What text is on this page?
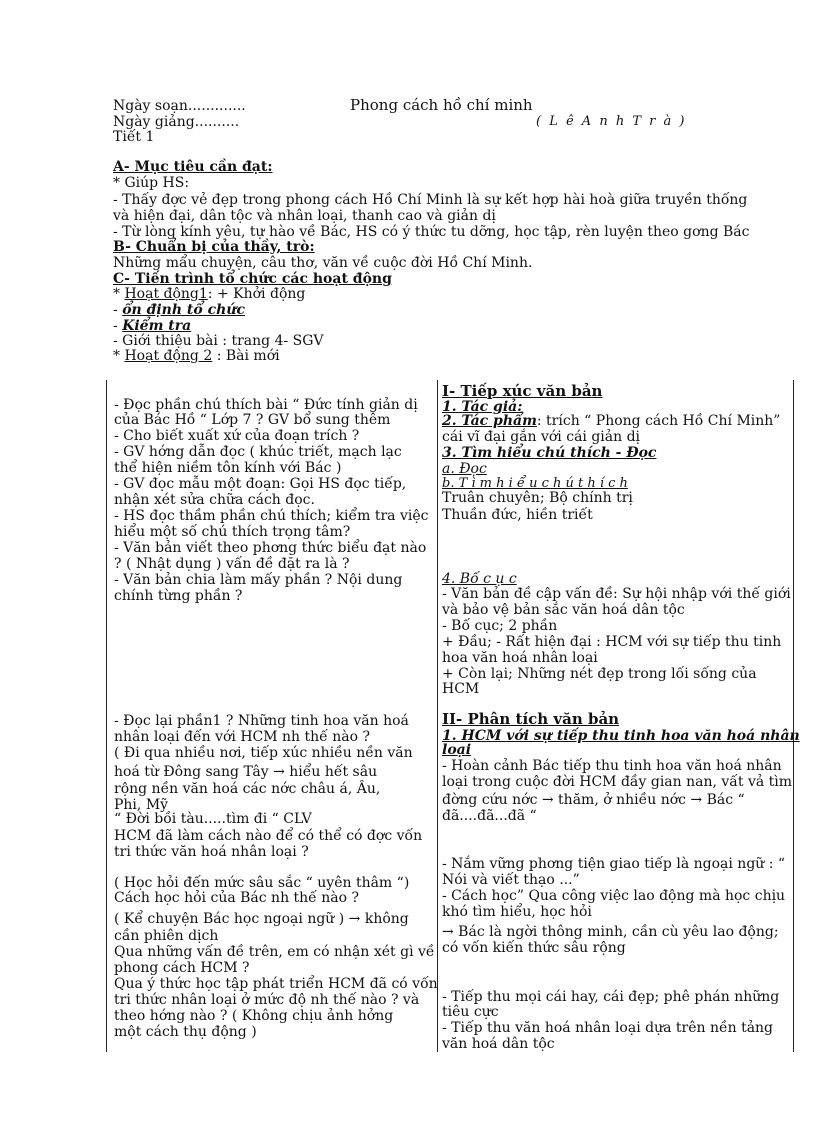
Ngày soạn.............	Phong cách hồ chí minh
Ngày giảng..........	( L ê A n h T r à )
Tiết 1
A- Mục tiêu cần đạt:
* Giúp HS:
- Thấy đợc vẻ đẹp trong phong cách Hồ Chí Minh là sự kết hợp hài hoà giữa truyền thống
và hiện đại, dân tộc và nhân loại, thanh cao và giản dị
- Từ lòng kính yêu, tự hào về Bác, HS có ý thức tu dỡng, học tập, rèn luyện theo gơng Bác
B- Chuẩn bị của thầy, trò:
Những mẩu chuyện, câu thơ, văn về cuộc đời Hồ Chí Minh.
C- Tiến trình tổ chức các hoạt động
* Hoạt động1: + Khởi động
- ổn định tổ chức
- Kiểm tra
- Giới thiệu bài : trang 4- SGV
* Hoạt động 2 : Bài mới
- Đọc phần chú thích bài “ Đức tính giản dị
của Bác Hồ “ Lớp 7 ? GV bổ sung thêm
- Cho biết xuất xứ của đoạn trích ?
- GV hớng dẫn đọc ( khúc triết, mạch lạc
thể hiện niềm tôn kính với Bác )
- GV đọc mẫu một đoạn: Gọi HS đọc tiếp,
nhận xét sửa chữa cách đọc.
- HS đọc thầm phần chú thích; kiểm tra việc
hiểu một số chú thích trọng tâm?
- Văn bản viết theo phơng thức biểu đạt nào
? ( Nhật dụng ) vấn đề đặt ra là ?
- Văn bản chia làm mấy phần ? Nội dung
chính từng phần ?
- Đọc lại phần1 ? Những tinh hoa văn hoá
nhân loại đến với HCM nh thế nào ?
( Đi qua nhiều nơi, tiếp xúc nhiều nền văn
hoá từ Đông sang Tây → hiểu hết sâu
rộng nền văn hoá các nớc châu á, Âu,
Phi, Mỹ
“ Đời bồi tàu.....tìm đi “ CLV
HCM đã làm cách nào để có thể có đợc vốn
tri thức văn hoá nhân loại ?
( Học hỏi đến mức sâu sắc “ uyên thâm “)
Cách học hỏi của Bác nh thế nào ?
( Kể chuyện Bác học ngoại ngữ ) → không
cần phiên dịch
Qua những vấn đề trên, em có nhận xét gì về
phong cách HCM ?
Qua ý thức học tập phát triển HCM đã có vốn
tri thức nhân loại ở mức độ nh thế nào ? và
theo hớng nào ? ( Không chịu ảnh hởng
một cách thụ động )
I- Tiếp xúc văn bản
1. Tác giả:
2. Tác phẩm: trích “ Phong cách Hồ Chí Minh”
cái vĩ đại gắn với cái giản dị
3. Tìm hiểu chú thích - Đọc
a. Đọc
b. T ì m h i ể u c h ú t h í c h
Truân chuyên; Bộ chính trị
Thuần đức, hiền triết
4. Bố c ụ c
- Văn bản đề cập vấn đề: Sự hội nhập với thế giới
và bảo vệ bản sắc văn hoá dân tộc
- Bố cục; 2 phần
+ Đầu; - Rất hiện đại : HCM với sự tiếp thu tinh
hoa văn hoá nhân loại
+ Còn lại; Những nét đẹp trong lối sống của
HCM
II- Phân tích văn bản
1. HCM với sự tiếp thu tinh hoa văn hoá nhân
loại
- Hoàn cảnh Bác tiếp thu tinh hoa văn hoá nhân
loại trong cuộc đời HCM đầy gian nan, vất vả tìm
đờng cứu nớc → thăm, ở nhiều nớc → Bác “
đã....đã...đã “
- Nắm vững phơng tiện giao tiếp là ngoại ngữ : “
Nói và viết thạo ...”
- Cách học” Qua công việc lao động mà học chịu
khó tìm hiểu, học hỏi
→ Bác là ngời thông minh, cần cù yêu lao động;
có vốn kiến thức sâu rộng
- Tiếp thu mọi cái hay, cái đẹp; phê phán những
tiêu cực
- Tiếp thu văn hoá nhân loại dựa trên nền tảng
văn hoá dân tộc
